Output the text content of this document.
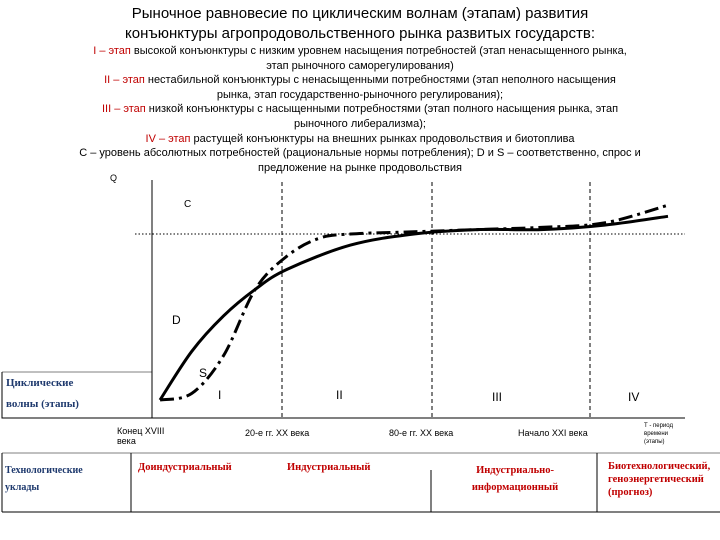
Рыночное равновесие по циклическим волнам (этапам) развития
конъюнктуры агропродовольственного рынка развитых государств:
I – этап высокой конъюнктуры с низким уровнем насыщения потребностей (этап ненасыщенного рынка,
этап рыночного саморегулирования)
II – этап нестабильной конъюнктуры с ненасыщенными потребностями (этап неполного насыщения
рынка, этап государственно-рыночного регулирования);
III – этап низкой конъюнктуры с насыщенными потребностями (этап полного насыщения рынка, этап
рыночного либерализма);
IV – этап растущей конъюнктуры на внешних рынках продовольствия и биотоплива
С – уровень абсолютных потребностей (рациональные нормы потребления); D и S – соответственно, спрос и
предложение на рынке продовольствия
Q
C
D
S
I	II	III	IV
Циклические
волны (этапы)
Конец XVIII века
20-е гг. ХХ века	80-е гг. ХХ века	Начало XXI века
Т - период времени (этапы)
Технологические уклады
Доиндустриальный	Индустриальный	Индустриально-информационный
Биотехнологический, геноэнергетический (прогноз)
